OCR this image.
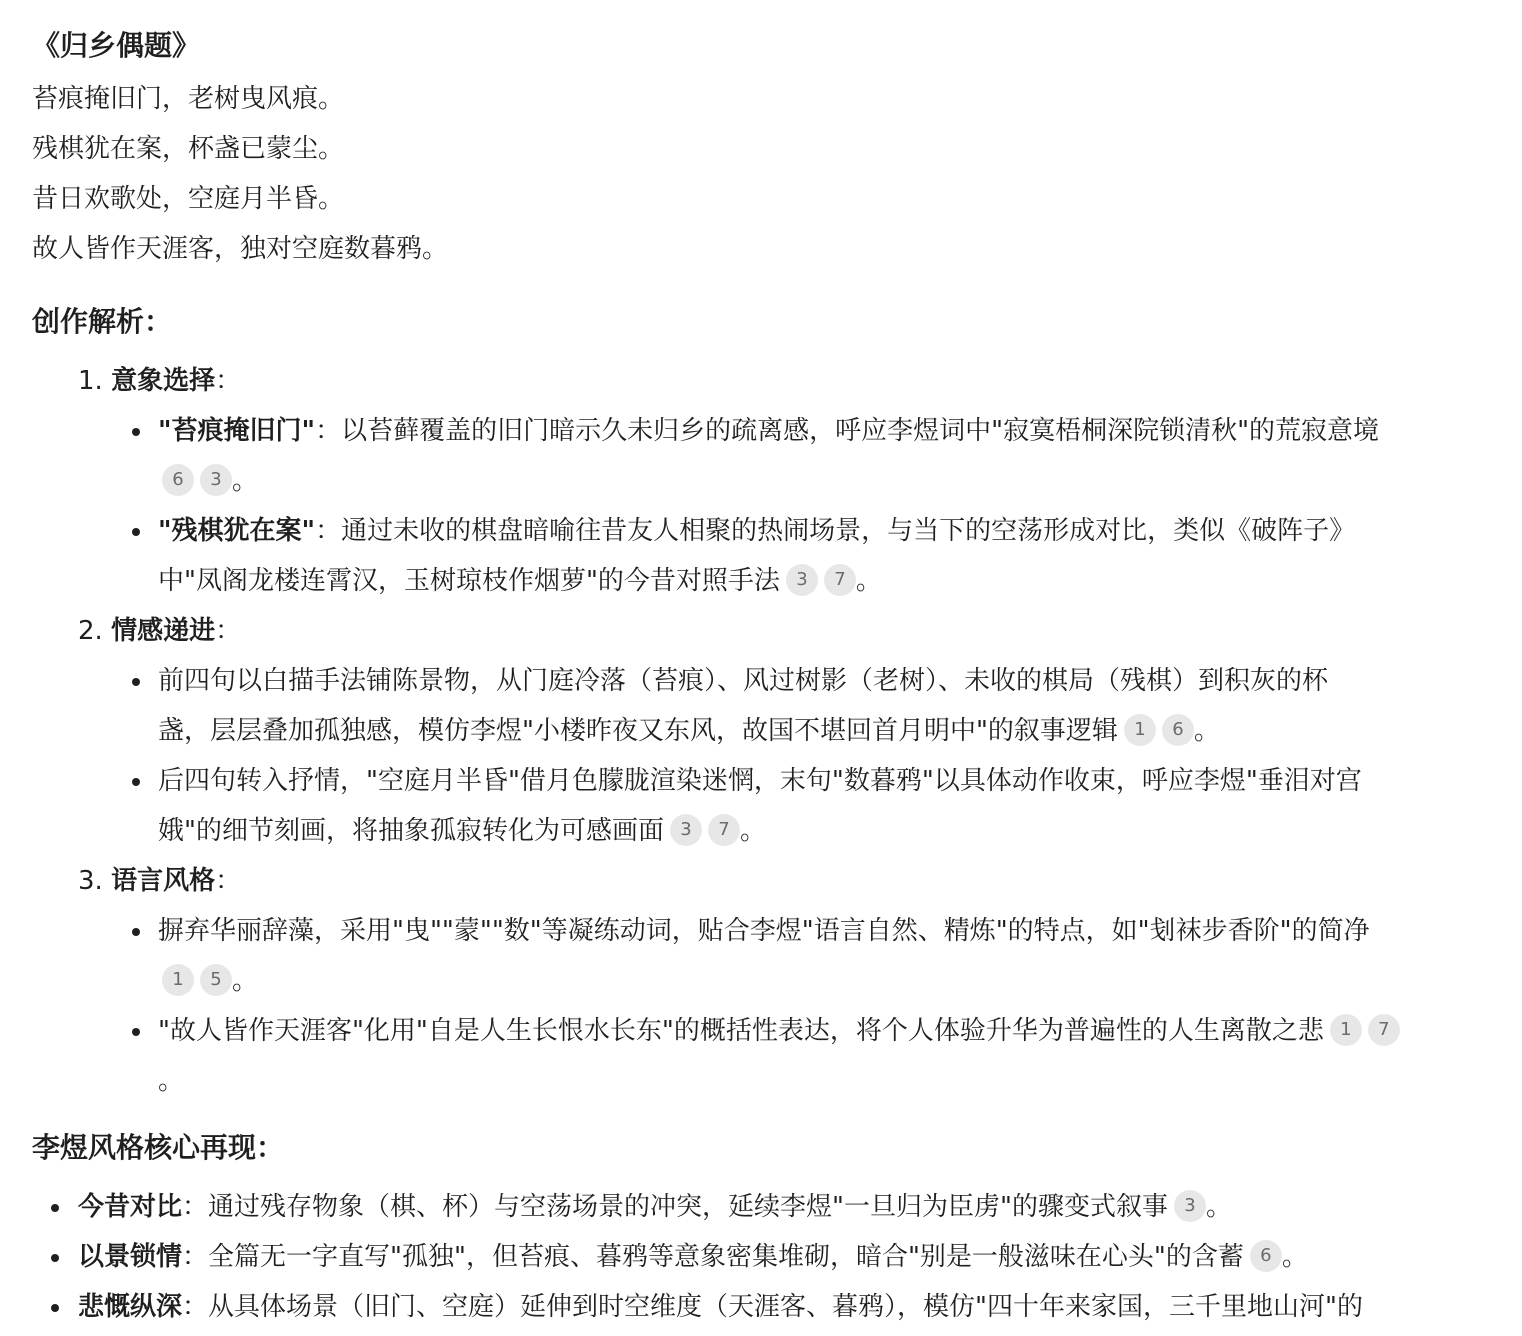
《归乡偶题》
苔痕掩旧门，老树曳风痕。
残棋犹在案，杯盏已蒙尘。
昔日欢歌处，空庭月半昏。
故人皆作天涯客，独对空庭数暮鸦。
创作解析：
1. 意象选择：
"苔痕掩旧门"：以苔藓覆盖的旧门暗示久未归乡的疏离感，呼应李煜词中"寂寞梧桐深院锁清秋"的荒寂意境
6 3 。
"残棋犹在案"：通过未收的棋盘暗喻往昔友人相聚的热闹场景，与当下的空荡形成对比，类似《破阵子》
中"凤阁龙楼连霄汉，玉树琼枝作烟萝"的今昔对照手法 3 7 。
2. 情感递进：
前四句以白描手法铺陈景物，从门庭冷落（苔痕）、风过树影（老树）、未收的棋局（残棋）到积灰的杯
盏，层层叠加孤独感，模仿李煜"小楼昨夜又东风，故国不堪回首月明中"的叙事逻辑 1 6 。
后四句转入抒情，"空庭月半昏"借月色朦胧渲染迷惘，末句"数暮鸦"以具体动作收束，呼应李煜"垂泪对宫
娥"的细节刻画，将抽象孤寂转化为可感画面 3 7 。
3. 语言风格：
摒弃华丽辞藻，采用"曳""蒙""数"等凝练动词，贴合李煜"语言自然、精炼"的特点，如"刬袜步香阶"的简净
1 5 。
"故人皆作天涯客"化用"自是人生长恨水长东"的概括性表达，将个人体验升华为普遍性的人生离散之悲 1 7
。
李煜风格核心再现：
今昔对比：通过残存物象（棋、杯）与空荡场景的冲突，延续李煜"一旦归为臣虏"的骤变式叙事 3 。
以景锁情：全篇无一字直写"孤独"，但苔痕、暮鸦等意象密集堆砌，暗合"别是一般滋味在心头"的含蓄 6 。
悲慨纵深：从具体场景（旧门、空庭）延伸到时空维度（天涯客、暮鸦），模仿"四十年来家国，三千里地山河"的
